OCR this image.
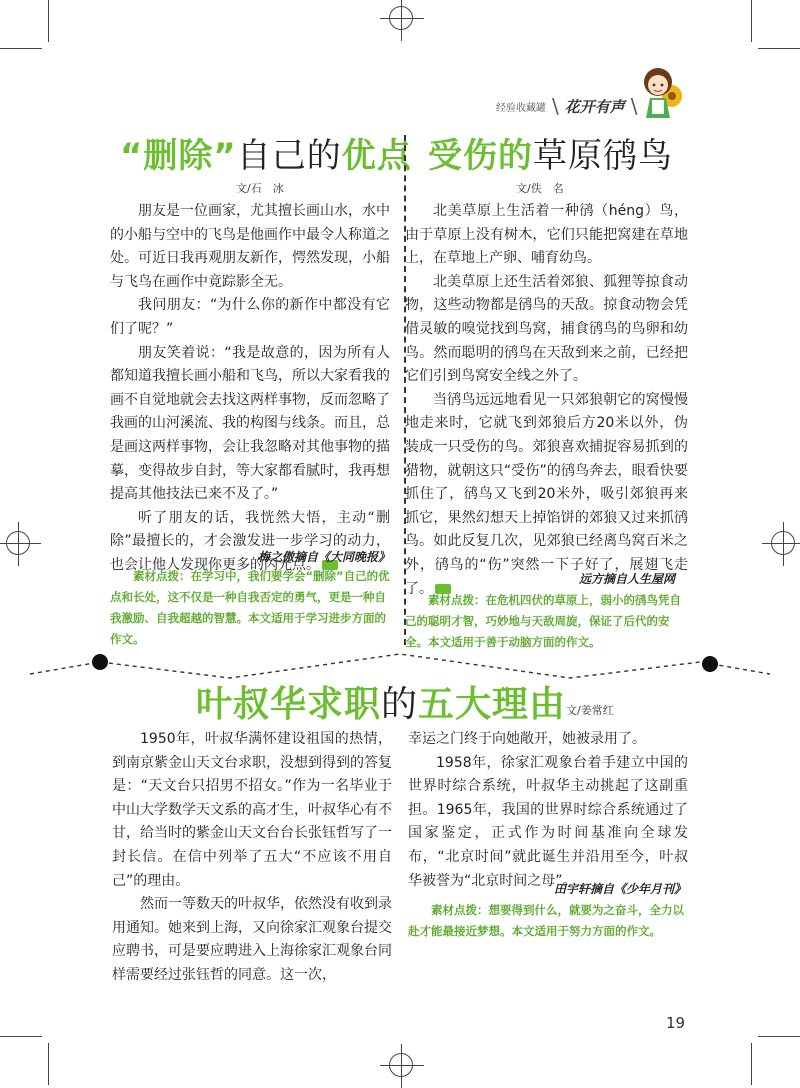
经验收藏罐 \ 花开有声 \
“删除”自己的优点
文/石　冰

朋友是一位画家，尤其擅长画山水，水中的小船与空中的飞鸟是他画作中最令人称道之处。可近日我再观朋友新作，愕然发现，小船与飞鸟在画作中竟踪影全无。

我问朋友：“为什么你的新作中都没有它们了呢？”

朋友笑着说：“我是故意的，因为所有人都知道我擅长画小船和飞鸟，所以大家看我的画不自觉地就会去找这两样事物，反而忽略了我画的山河溪流、我的构图与线条。而且，总是画这两样事物，会让我忽略对其他事物的描摹，变得故步自封，等大家都看腻时，我再想提高其他技法已来不及了。”

听了朋友的话，我恍然大悟，主动“删除”最擅长的，才会激发进一步学习的动力，也会让他人发现你更多的闪光点。

梅之傲摘自《大同晚报》

素材点拨：在学习中，我们要学会“删除”自己的优点和长处，这不仅是一种自我否定的勇气，更是一种自我激励、自我超越的智慧。本文适用于学习进步方面的作文。

受伤的草原鸻鸟
文/佚　名

北美草原上生活着一种鸻（héng）鸟，由于草原上没有树木，它们只能把窝建在草地上，在草地上产卵、哺育幼鸟。

北美草原上还生活着郊狼、狐狸等掠食动物，这些动物都是鸻鸟的天敌。掠食动物会凭借灵敏的嗅觉找到鸟窝，捕食鸻鸟的鸟卵和幼鸟。然而聪明的鸻鸟在天敌到来之前，已经把它们引到鸟窝安全线之外了。

当鸻鸟远远地看见一只郊狼朝它的窝慢慢地走来时，它就飞到郊狼后方20米以外，伪装成一只受伤的鸟。郊狼喜欢捕捉容易抓到的猎物，就朝这只“受伤”的鸻鸟奔去，眼看快要抓住了，鸻鸟又飞到20米外，吸引郊狼再来抓它，果然幻想天上掉馅饼的郊狼又过来抓鸻鸟。如此反复几次，见郊狼已经离鸟窝百米之外，鸻鸟的“伤”突然一下子好了，展翅飞走了。

远方摘自人生屋网

素材点拨：在危机四伏的草原上，弱小的鸻鸟凭自己的聪明才智，巧妙地与天敌周旋，保证了后代的安全。本文适用于善于动脑方面的作文。

叶叔华求职的五大理由 文/姜常红

1950年，叶叔华满怀建设祖国的热情，到南京紫金山天文台求职，没想到得到的答复是：“天文台只招男不招女。”作为一名毕业于中山大学数学天文系的高才生，叶叔华心有不甘，给当时的紫金山天文台台长张钰哲写了一封长信。在信中列举了五大“不应该不用自己”的理由。

然而一等数天的叶叔华，依然没有收到录用通知。她来到上海，又向徐家汇观象台提交应聘书，可是要应聘进入上海徐家汇观象台同样需要经过张钰哲的同意。这一次，

幸运之门终于向她敞开，她被录用了。

1958年，徐家汇观象台着手建立中国的世界时综合系统，叶叔华主动挑起了这副重担。1965年，我国的世界时综合系统通过了国家鉴定，正式作为时间基准向全球发布，“北京时间”就此诞生并沿用至今，叶叔华被誉为“北京时间之母”。

田宇轩摘自《少年月刊》

素材点拨：想要得到什么，就要为之奋斗，全力以赴才能最接近梦想。本文适用于努力方面的作文。

19
